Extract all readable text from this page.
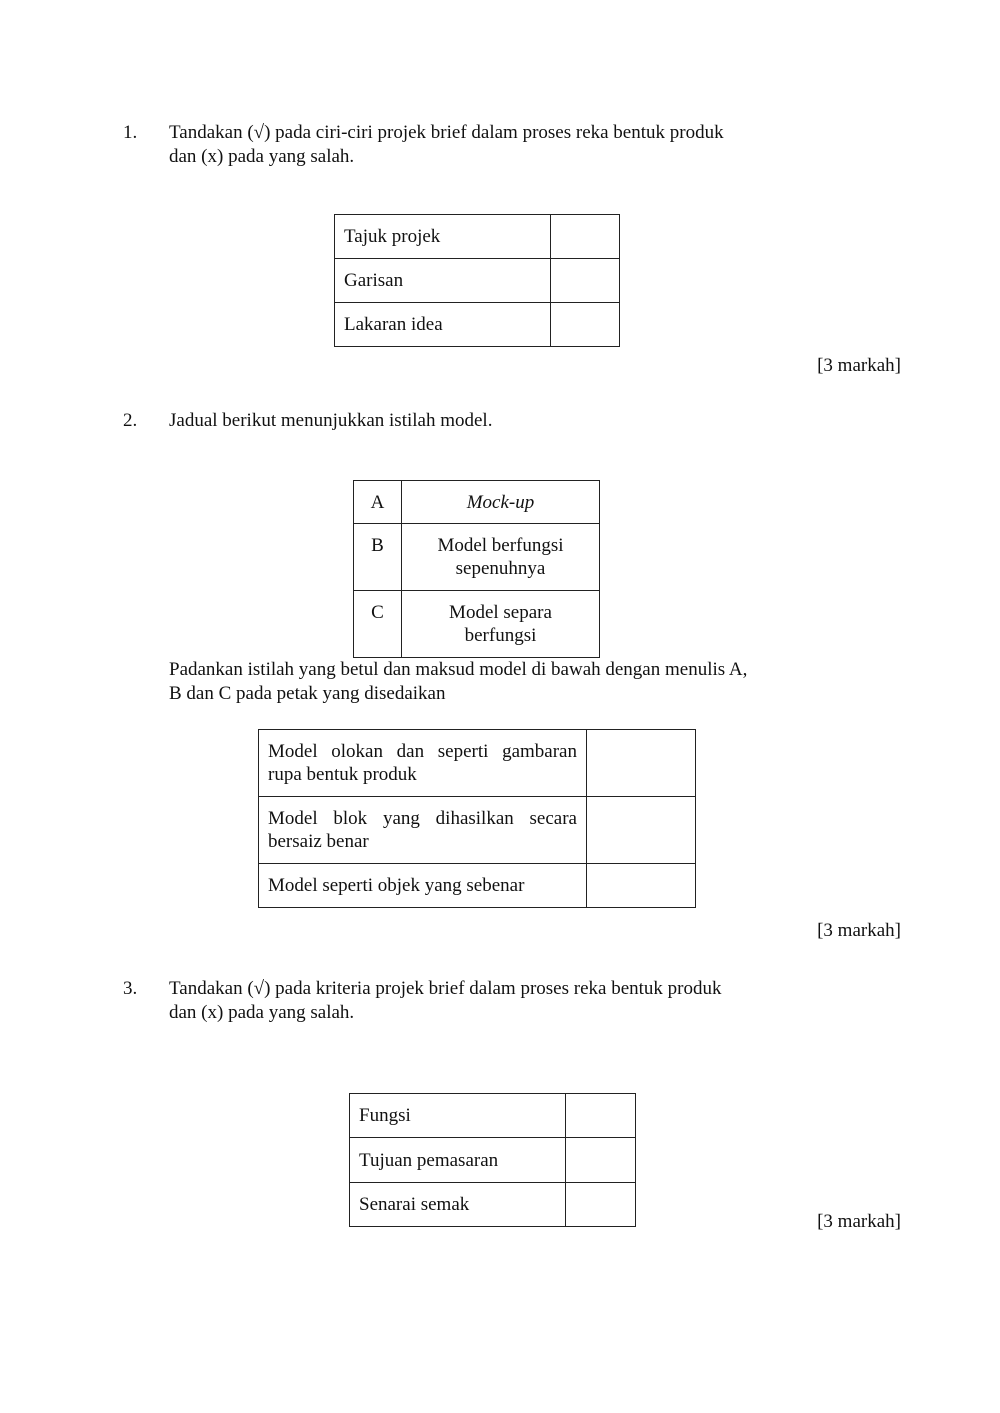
1. Tandakan (√) pada ciri-ciri projek brief dalam proses reka bentuk produk
dan (x) pada yang salah.
Tajuk projek	
Garisan	
Lakaran idea	
[3 markah]
2. Jadual berikut menunjukkan istilah model.
A	Mock-up
B	Model berfungsi sepenuhnya
C	Model separa berfungsi
Padankan istilah yang betul dan maksud model di bawah dengan menulis A,
B dan C pada petak yang disedaikan
Model olokan dan seperti gambaran rupa bentuk produk	
Model blok yang dihasilkan secara bersaiz benar	
Model seperti objek yang sebenar	
[3 markah]
3. Tandakan (√) pada kriteria projek brief dalam proses reka bentuk produk
dan (x) pada yang salah.
Fungsi	
Tujuan pemasaran	
Senarai semak	
[3 markah]
